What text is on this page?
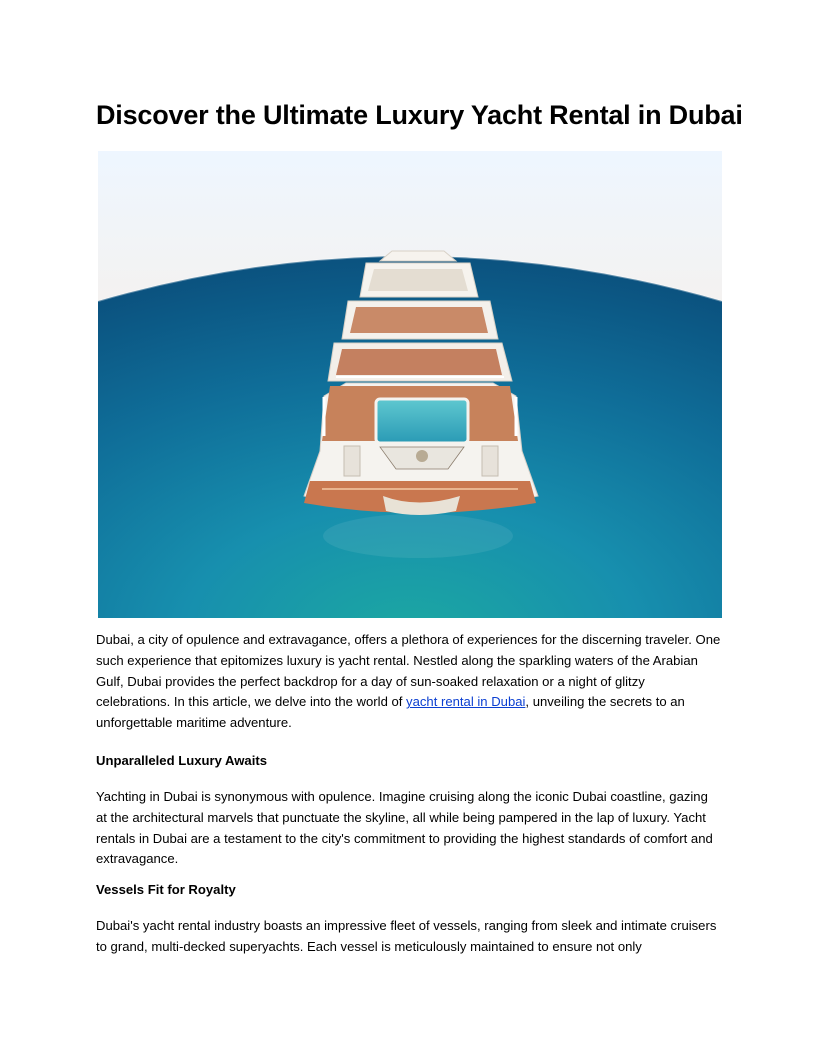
Discover the Ultimate Luxury Yacht Rental in Dubai

Dubai, a city of opulence and extravagance, offers a plethora of experiences for the discerning traveler. One such experience that epitomizes luxury is yacht rental. Nestled along the sparkling waters of the Arabian Gulf, Dubai provides the perfect backdrop for a day of sun-soaked relaxation or a night of glitzy celebrations. In this article, we delve into the world of yacht rental in Dubai, unveiling the secrets to an unforgettable maritime adventure.

Unparalleled Luxury Awaits

Yachting in Dubai is synonymous with opulence. Imagine cruising along the iconic Dubai coastline, gazing at the architectural marvels that punctuate the skyline, all while being pampered in the lap of luxury. Yacht rentals in Dubai are a testament to the city's commitment to providing the highest standards of comfort and extravagance.

Vessels Fit for Royalty

Dubai's yacht rental industry boasts an impressive fleet of vessels, ranging from sleek and intimate cruisers to grand, multi-decked superyachts. Each vessel is meticulously maintained to ensure not only
